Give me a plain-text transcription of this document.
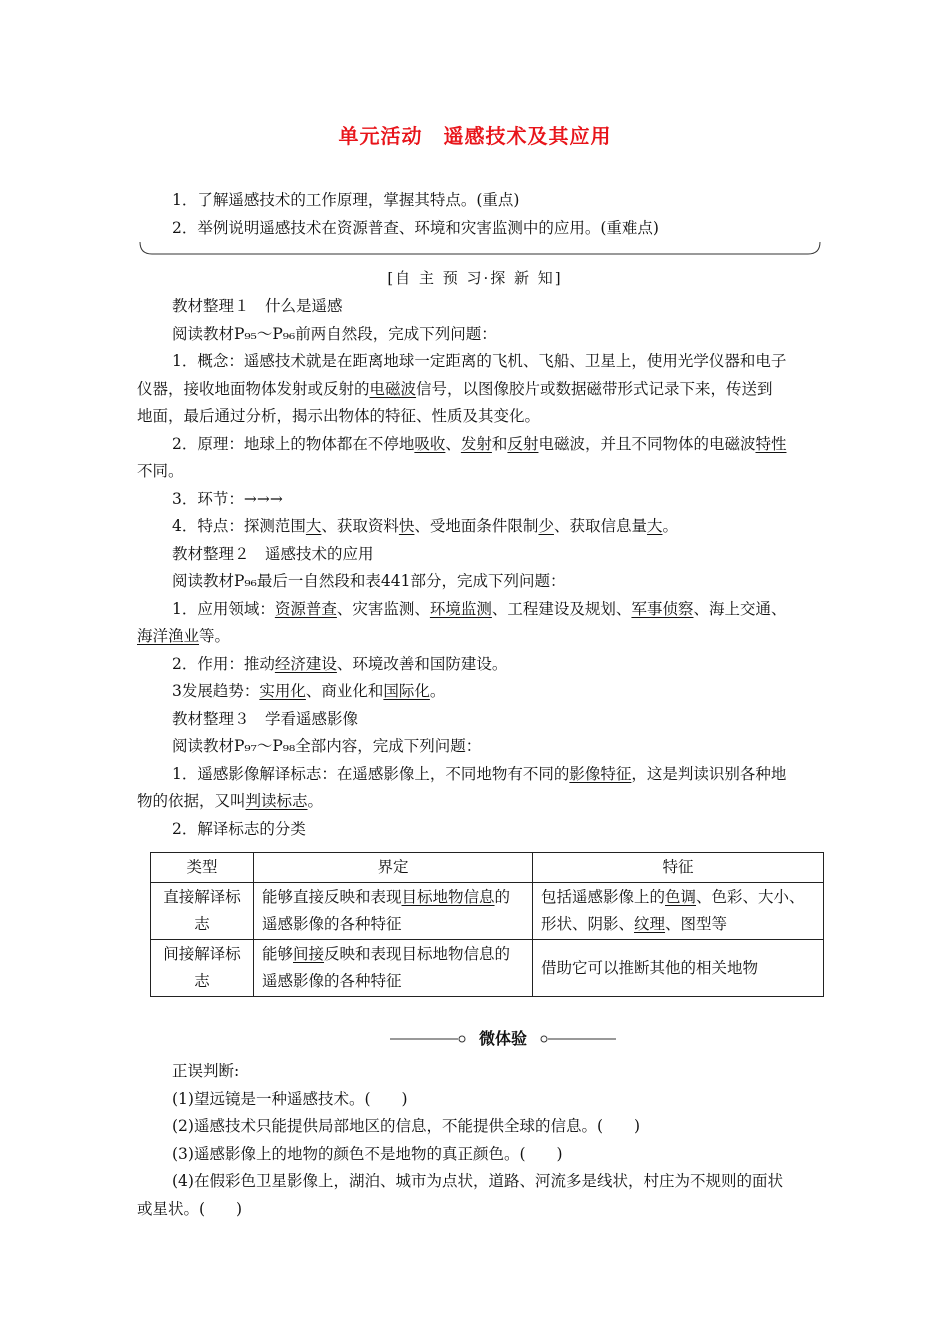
单元活动　遥感技术及其应用
1．了解遥感技术的工作原理，掌握其特点。(重点)
2．举例说明遥感技术在资源普查、环境和灾害监测中的应用。(重难点)
[自 主 预 习·探 新 知]
教材整理１　什么是遥感
阅读教材P₉₅～P₉₆前两自然段，完成下列问题：
1．概念：遥感技术就是在距离地球一定距离的飞机、飞船、卫星上，使用光学仪器和电子
仪器，接收地面物体发射或反射的电磁波信号，以图像胶片或数据磁带形式记录下来，传送到
地面，最后通过分析，揭示出物体的特征、性质及其变化。
2．原理：地球上的物体都在不停地吸收、发射和反射电磁波，并且不同物体的电磁波特性
不同。
3．环节：→→→
4．特点：探测范围大、获取资料快、受地面条件限制少、获取信息量大。
教材整理２　遥感技术的应用
阅读教材P₉₆最后一自然段和表441部分，完成下列问题：
1．应用领域：资源普查、灾害监测、环境监测、工程建设及规划、军事侦察、海上交通、
海洋渔业等。
2．作用：推动经济建设、环境改善和国防建设。
3发展趋势：实用化、商业化和国际化。
教材整理３　学看遥感影像
阅读教材P₉₇～P₉₈全部内容，完成下列问题：
1．遥感影像解译标志：在遥感影像上，不同地物有不同的影像特征，这是判读识别各种地
物的依据，又叫判读标志。
2．解译标志的分类
类型	界定	特征
直接解译标志	能够直接反映和表现目标地物信息的遥感影像的各种特征	包括遥感影像上的色调、色彩、大小、形状、阴影、纹理、图型等
间接解译标志	能够间接反映和表现目标地物信息的遥感影像的各种特征	借助它可以推断其他的相关地物
微体验
正误判断:
(1)望远镜是一种遥感技术。(　　)
(2)遥感技术只能提供局部地区的信息，不能提供全球的信息。(　　)
(3)遥感影像上的地物的颜色不是地物的真正颜色。(　　)
(4)在假彩色卫星影像上，湖泊、城市为点状，道路、河流多是线状，村庄为不规则的面状
或星状。(　　)
